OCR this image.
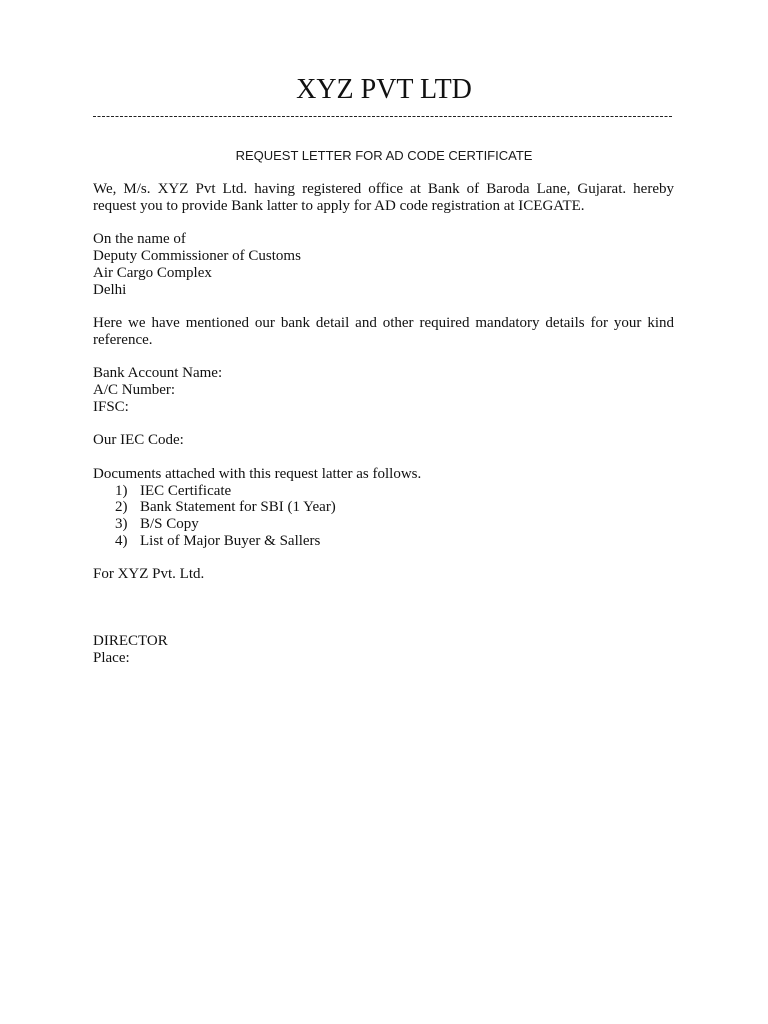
XYZ PVT LTD
REQUEST LETTER FOR AD CODE CERTIFICATE
We, M/s. XYZ Pvt Ltd. having registered office at Bank of Baroda Lane, Gujarat. hereby
request you to provide Bank latter to apply for AD code registration at ICEGATE.
On the name of
Deputy Commissioner of Customs
Air Cargo Complex
Delhi
Here we have mentioned our bank detail and other required mandatory details for your kind
reference.
Bank Account Name:
A/C Number:
IFSC:
Our IEC Code:
Documents attached with this request latter as follows.
1) IEC Certificate
2) Bank Statement for SBI (1 Year)
3) B/S Copy
4) List of Major Buyer & Sallers
For XYZ Pvt. Ltd.
DIRECTOR
Place:
